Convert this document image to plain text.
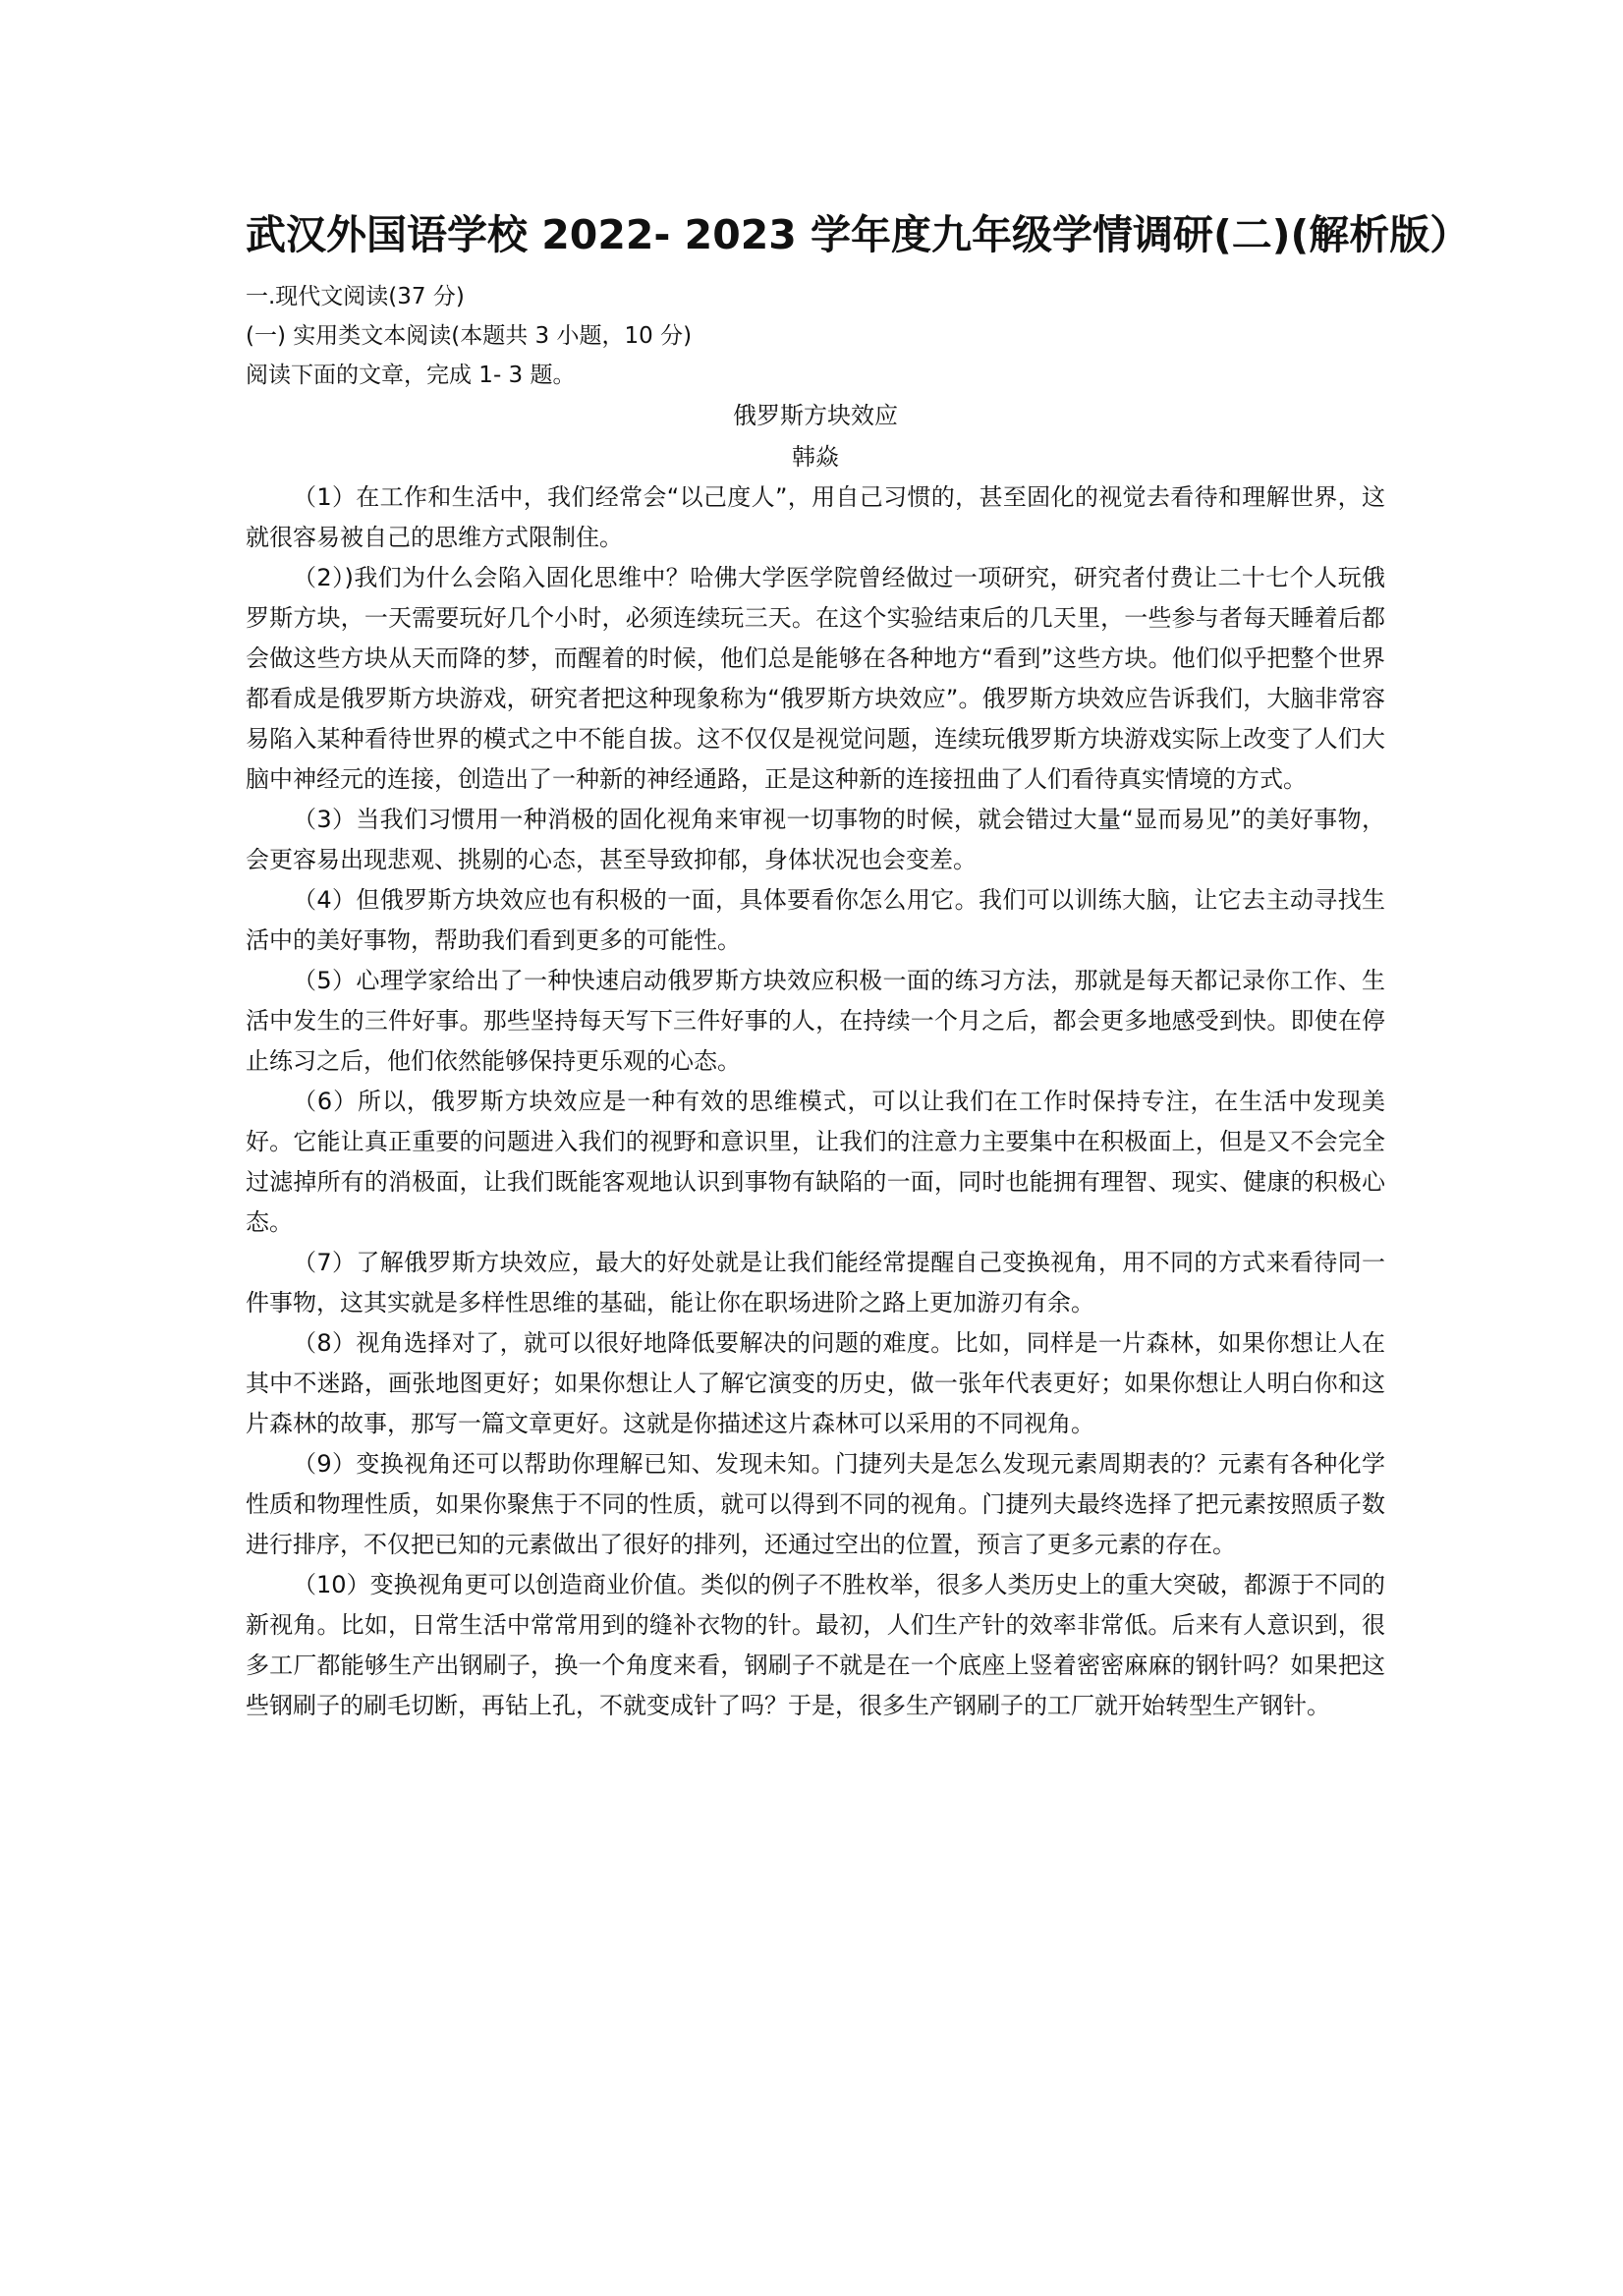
武汉外国语学校 2022- 2023 学年度九年级学情调研(二)(解析版）

一.现代文阅读(37 分)

(一) 实用类文本阅读(本题共 3 小题，10 分)

阅读下面的文章，完成 1- 3 题。

俄罗斯方块效应

韩焱

（1）在工作和生活中，我们经常会“以己度人”，用自己习惯的，甚至固化的视觉去看待和理解世界，这就很容易被自己的思维方式限制住。

（2）)我们为什么会陷入固化思维中？哈佛大学医学院曾经做过一项研究，研究者付费让二十七个人玩俄罗斯方块，一天需要玩好几个小时，必须连续玩三天。在这个实验结束后的几天里，一些参与者每天睡着后都会做这些方块从天而降的梦，而醒着的时候，他们总是能够在各种地方“看到”这些方块。他们似乎把整个世界都看成是俄罗斯方块游戏，研究者把这种现象称为“俄罗斯方块效应”。俄罗斯方块效应告诉我们，大脑非常容易陷入某种看待世界的模式之中不能自拔。这不仅仅是视觉问题，连续玩俄罗斯方块游戏实际上改变了人们大脑中神经元的连接，创造出了一种新的神经通路，正是这种新的连接扭曲了人们看待真实情境的方式。

（3）当我们习惯用一种消极的固化视角来审视一切事物的时候，就会错过大量“显而易见”的美好事物，会更容易出现悲观、挑剔的心态，甚至导致抑郁，身体状况也会变差。

（4）但俄罗斯方块效应也有积极的一面，具体要看你怎么用它。我们可以训练大脑，让它去主动寻找生活中的美好事物，帮助我们看到更多的可能性。

（5）心理学家给出了一种快速启动俄罗斯方块效应积极一面的练习方法，那就是每天都记录你工作、生活中发生的三件好事。那些坚持每天写下三件好事的人，在持续一个月之后，都会更多地感受到快。即使在停止练习之后，他们依然能够保持更乐观的心态。

（6）所以，俄罗斯方块效应是一种有效的思维模式，可以让我们在工作时保持专注，在生活中发现美好。它能让真正重要的问题进入我们的视野和意识里，让我们的注意力主要集中在积极面上，但是又不会完全过滤掉所有的消极面，让我们既能客观地认识到事物有缺陷的一面，同时也能拥有理智、现实、健康的积极心态。

（7）了解俄罗斯方块效应，最大的好处就是让我们能经常提醒自己变换视角，用不同的方式来看待同一件事物，这其实就是多样性思维的基础，能让你在职场进阶之路上更加游刃有余。

（8）视角选择对了，就可以很好地降低要解决的问题的难度。比如，同样是一片森林，如果你想让人在其中不迷路，画张地图更好；如果你想让人了解它演变的历史，做一张年代表更好；如果你想让人明白你和这片森林的故事，那写一篇文章更好。这就是你描述这片森林可以采用的不同视角。

（9）变换视角还可以帮助你理解已知、发现未知。门捷列夫是怎么发现元素周期表的？元素有各种化学性质和物理性质，如果你聚焦于不同的性质，就可以得到不同的视角。门捷列夫最终选择了把元素按照质子数进行排序，不仅把已知的元素做出了很好的排列，还通过空出的位置，预言了更多元素的存在。

（10）变换视角更可以创造商业价值。类似的例子不胜枚举，很多人类历史上的重大突破，都源于不同的新视角。比如，日常生活中常常用到的缝补衣物的针。最初，人们生产针的效率非常低。后来有人意识到，很多工厂都能够生产出钢刷子，换一个角度来看，钢刷子不就是在一个底座上竖着密密麻麻的钢针吗？如果把这些钢刷子的刷毛切断，再钻上孔，不就变成针了吗？于是，很多生产钢刷子的工厂就开始转型生产钢针。
